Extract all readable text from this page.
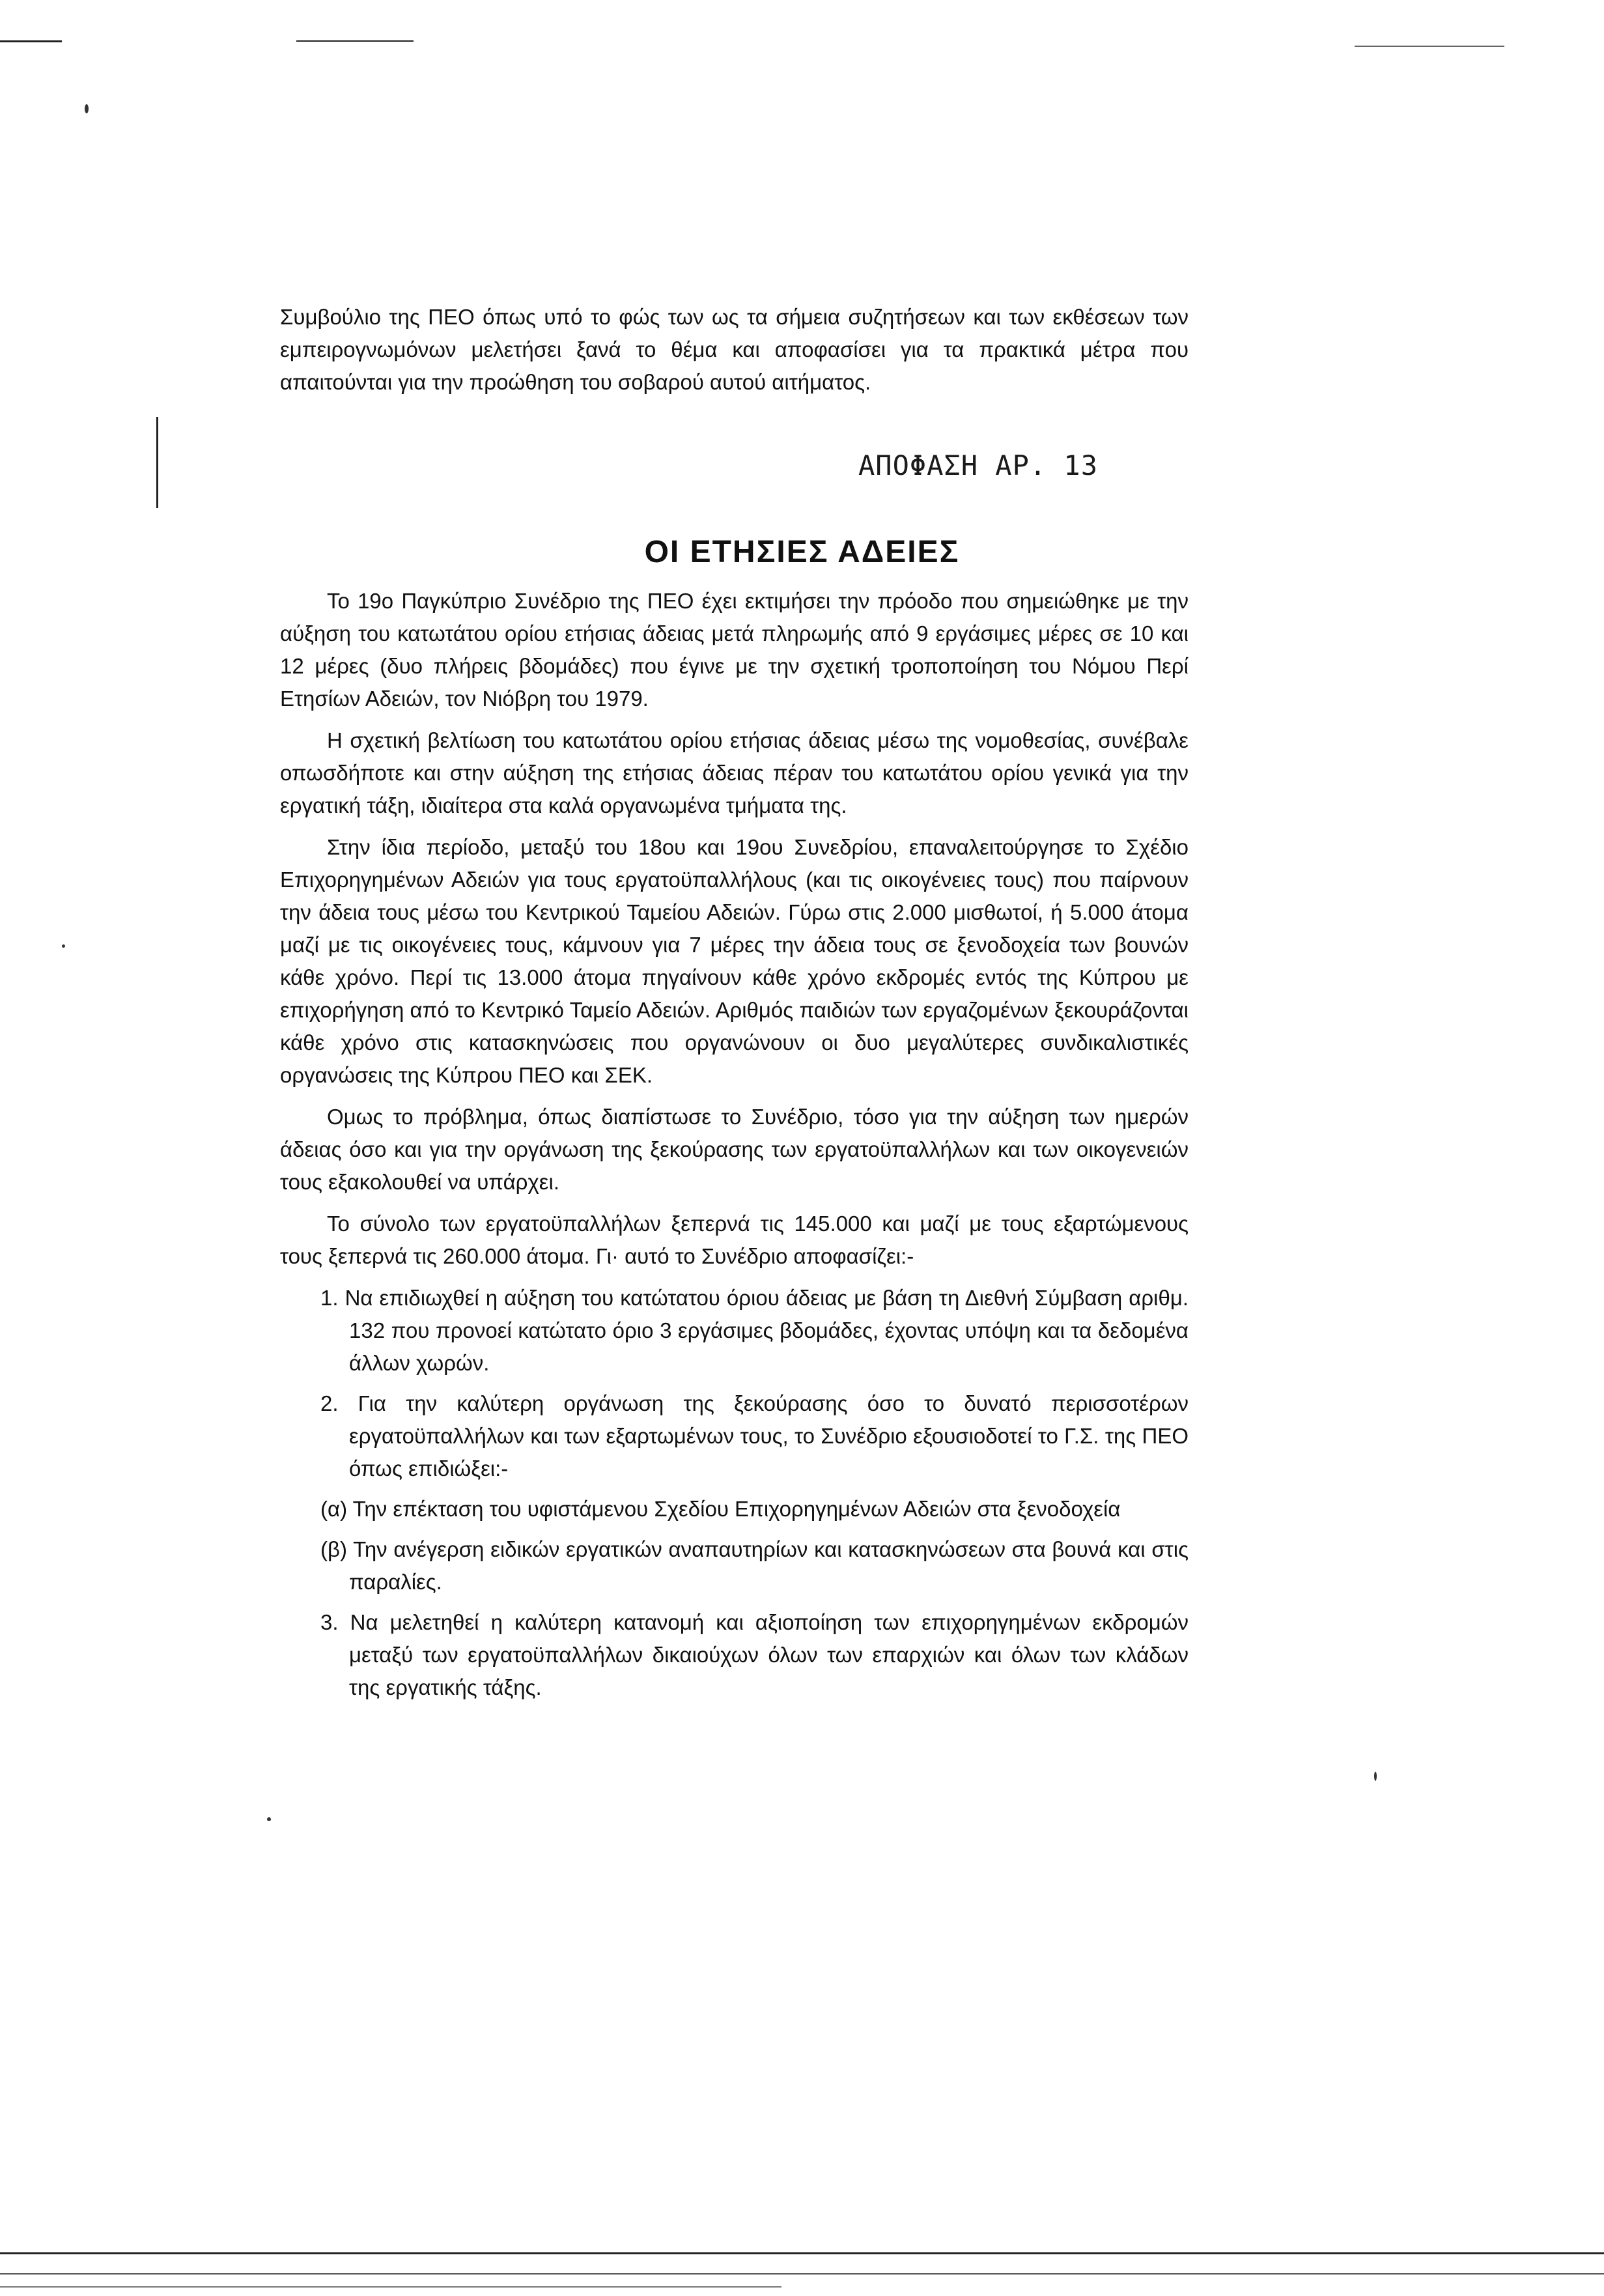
Συμβούλιο της ΠΕΟ όπως υπό το φώς των ως τα σήμεια συζητήσεων και των εκθέσεων των εμπειρογνωμόνων μελετήσει ξανά το θέμα και αποφασίσει για τα πρακτικά μέτρα που απαιτούνται για την προώθηση του σοβαρού αυτού αιτήματος.

ΑΠΟΦΑΣΗ ΑΡ. 13
ΟΙ ΕΤΗΣΙΕΣ ΑΔΕΙΕΣ

Το 19ο Παγκύπριο Συνέδριο της ΠΕΟ έχει εκτιμήσει την πρόοδο που σημειώθηκε με την αύξηση του κατωτάτου ορίου ετήσιας άδειας μετά πληρωμής από 9 εργάσιμες μέρες σε 10 και 12 μέρες (δυο πλήρεις βδομάδες) που έγινε με την σχετική τροποποίηση του Νόμου Περί Ετησίων Αδειών, τον Νιόβρη του 1979.

Η σχετική βελτίωση του κατωτάτου ορίου ετήσιας άδειας μέσω της νομοθεσίας, συνέβαλε οπωσδήποτε και στην αύξηση της ετήσιας άδειας πέραν του κατωτάτου ορίου γενικά για την εργατική τάξη, ιδιαίτερα στα καλά οργανωμένα τμήματα της.

Στην ίδια περίοδο, μεταξύ του 18ου και 19ου Συνεδρίου, επαναλειτούργησε το Σχέδιο Επιχορηγημένων Αδειών για τους εργατοϋπαλλήλους (και τις οικογένειες τους) που παίρνουν την άδεια τους μέσω του Κεντρικού Ταμείου Αδειών. Γύρω στις 2.000 μισθωτοί, ή 5.000 άτομα μαζί με τις οικογένειες τους, κάμνουν για 7 μέρες την άδεια τους σε ξενοδοχεία των βουνών κάθε χρόνο. Περί τις 13.000 άτομα πηγαίνουν κάθε χρόνο εκδρομές εντός της Κύπρου με επιχορήγηση από το Κεντρικό Ταμείο Αδειών. Αριθμός παιδιών των εργαζομένων ξεκουράζονται κάθε χρόνο στις κατασκηνώσεις που οργανώνουν οι δυο μεγαλύτερες συνδικαλιστικές οργανώσεις της Κύπρου ΠΕΟ και ΣΕΚ.

Ομως το πρόβλημα, όπως διαπίστωσε το Συνέδριο, τόσο για την αύξηση των ημερών άδειας όσο και για την οργάνωση της ξεκούρασης των εργατοϋπαλλήλων και των οικογενειών τους εξακολουθεί να υπάρχει.

Το σύνολο των εργατοϋπαλλήλων ξεπερνά τις 145.000 και μαζί με τους εξαρτώμενους τους ξεπερνά τις 260.000 άτομα. Γι· αυτό το Συνέδριο αποφασίζει:-

1. Να επιδιωχθεί η αύξηση του κατώτατου όριου άδειας με βάση τη Διεθνή Σύμβαση αριθμ. 132 που προνοεί κατώτατο όριο 3 εργάσιμες βδομάδες, έχοντας υπόψη και τα δεδομένα άλλων χωρών.

2. Για την καλύτερη οργάνωση της ξεκούρασης όσο το δυνατό περισσοτέρων εργατοϋπαλλήλων και των εξαρτωμένων τους, το Συνέδριο εξουσιοδοτεί το Γ.Σ. της ΠΕΟ όπως επιδιώξει:-

(α) Την επέκταση του υφιστάμενου Σχεδίου Επιχορηγημένων Αδειών στα ξενοδοχεία

(β) Την ανέγερση ειδικών εργατικών αναπαυτηρίων και κατασκηνώσεων στα βουνά και στις παραλίες.

3. Να μελετηθεί η καλύτερη κατανομή και αξιοποίηση των επιχορηγημένων εκδρομών μεταξύ των εργατοϋπαλλήλων δικαιούχων όλων των επαρχιών και όλων των κλάδων της εργατικής τάξης.
